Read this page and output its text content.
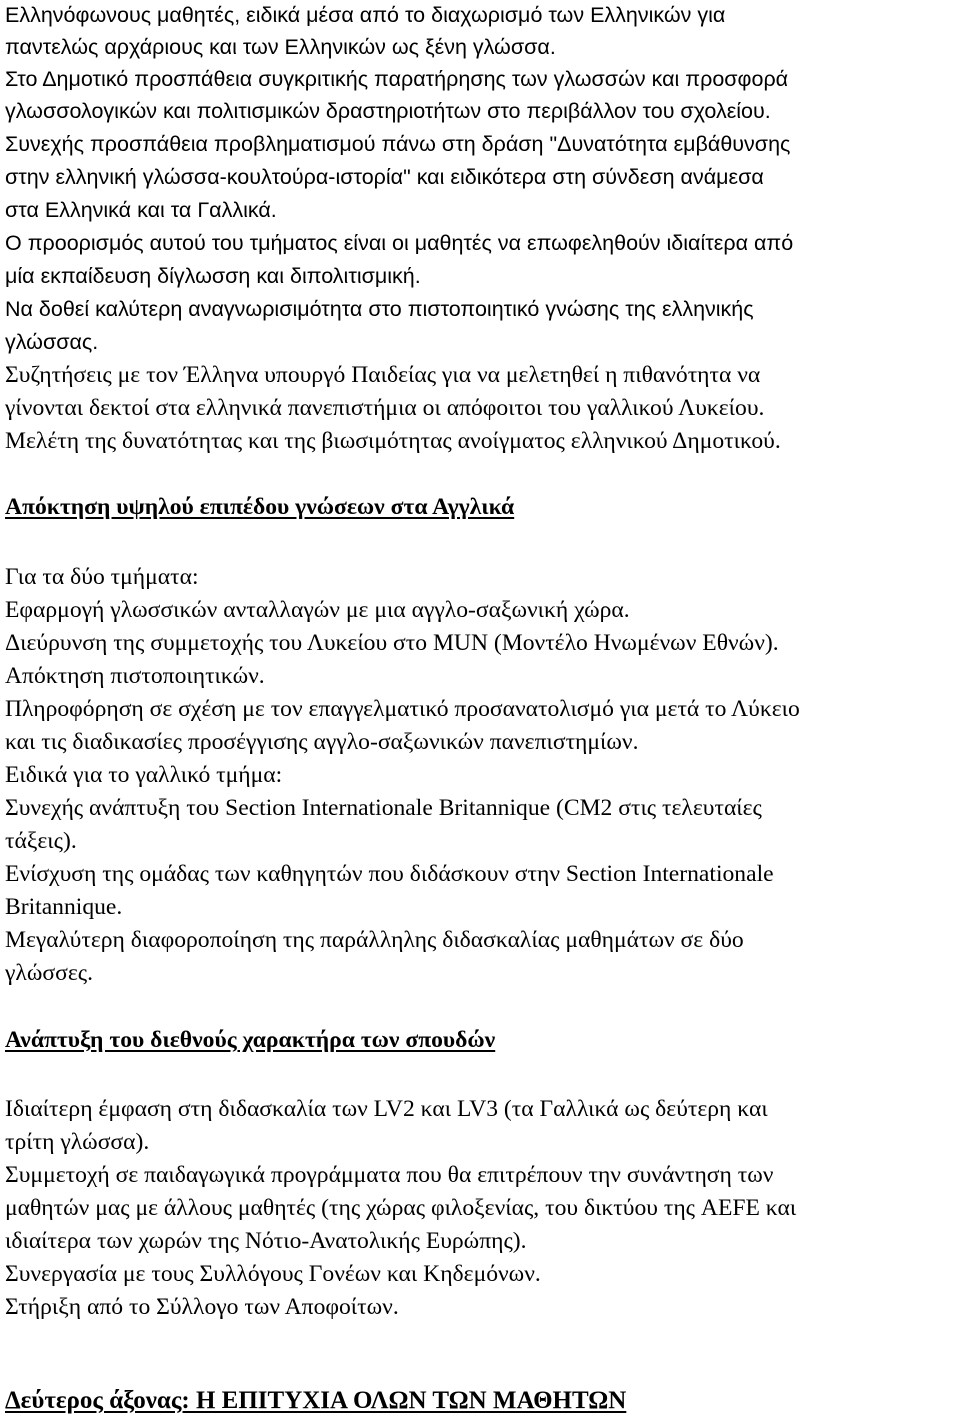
Ελληνόφωνους μαθητές, ειδικά μέσα από το διαχωρισμό των Ελληνικών για
παντελώς αρχάριους και των Ελληνικών ως ξένη γλώσσα.
Στο Δημοτικό προσπάθεια συγκριτικής παρατήρησης των γλωσσών και προσφορά
γλωσσολογικών και πολιτισμικών δραστηριοτήτων στο περιβάλλον του σχολείου.
Συνεχής προσπάθεια προβληματισμού πάνω στη δράση "Δυνατότητα εμβάθυνσης
στην ελληνική γλώσσα-κουλτούρα-ιστορία" και ειδικότερα στη σύνδεση ανάμεσα
στα Ελληνικά και τα Γαλλικά.
Ο προορισμός αυτού του τμήματος είναι οι μαθητές να επωφεληθούν ιδιαίτερα από
μία εκπαίδευση δίγλωσση και διπολιτισμική.
Να δοθεί καλύτερη αναγνωρισιμότητα στο πιστοποιητικό γνώσης της ελληνικής
γλώσσας.
Συζητήσεις με τον Έλληνα υπουργό Παιδείας για να μελετηθεί η πιθανότητα να
γίνονται δεκτοί στα ελληνικά πανεπιστήμια οι απόφοιτοι του γαλλικού Λυκείου.
Μελέτη της δυνατότητας και της βιωσιμότητας ανοίγματος ελληνικού Δημοτικού.
Απόκτηση υψηλού επιπέδου γνώσεων στα Αγγλικά
Για τα δύο τμήματα:
Εφαρμογή γλωσσικών ανταλλαγών με μια αγγλο-σαξωνική χώρα.
Διεύρυνση της συμμετοχής του Λυκείου στο MUN (Μοντέλο Ηνωμένων Εθνών).
Απόκτηση πιστοποιητικών.
Πληροφόρηση σε σχέση με τον επαγγελματικό προσανατολισμό για μετά το Λύκειο
και τις διαδικασίες προσέγγισης αγγλο-σαξωνικών πανεπιστημίων.
Ειδικά για το γαλλικό τμήμα:
Συνεχής ανάπτυξη του Section Internationale Britannique (CM2 στις τελευταίες
τάξεις).
Ενίσχυση της ομάδας των καθηγητών που διδάσκουν στην Section Internationale
Britannique.
Μεγαλύτερη διαφοροποίηση της παράλληλης διδασκαλίας μαθημάτων σε δύο
γλώσσες.
Ανάπτυξη του διεθνούς χαρακτήρα των σπουδών
Ιδιαίτερη έμφαση στη διδασκαλία των LV2 και LV3 (τα Γαλλικά ως δεύτερη και
τρίτη γλώσσα).
Συμμετοχή σε παιδαγωγικά προγράμματα που θα επιτρέπουν την συνάντηση των
μαθητών μας με άλλους μαθητές (της χώρας φιλοξενίας, του δικτύου της AEFE και
ιδιαίτερα των χωρών της Νότιο-Ανατολικής Ευρώπης).
Συνεργασία με τους Συλλόγους Γονέων και Κηδεμόνων.
Στήριξη από το Σύλλογο των Αποφοίτων.
Δεύτερος άξονας: Η ΕΠΙΤΥΧΙΑ ΟΛΩΝ ΤΩΝ ΜΑΘΗΤΩΝ
